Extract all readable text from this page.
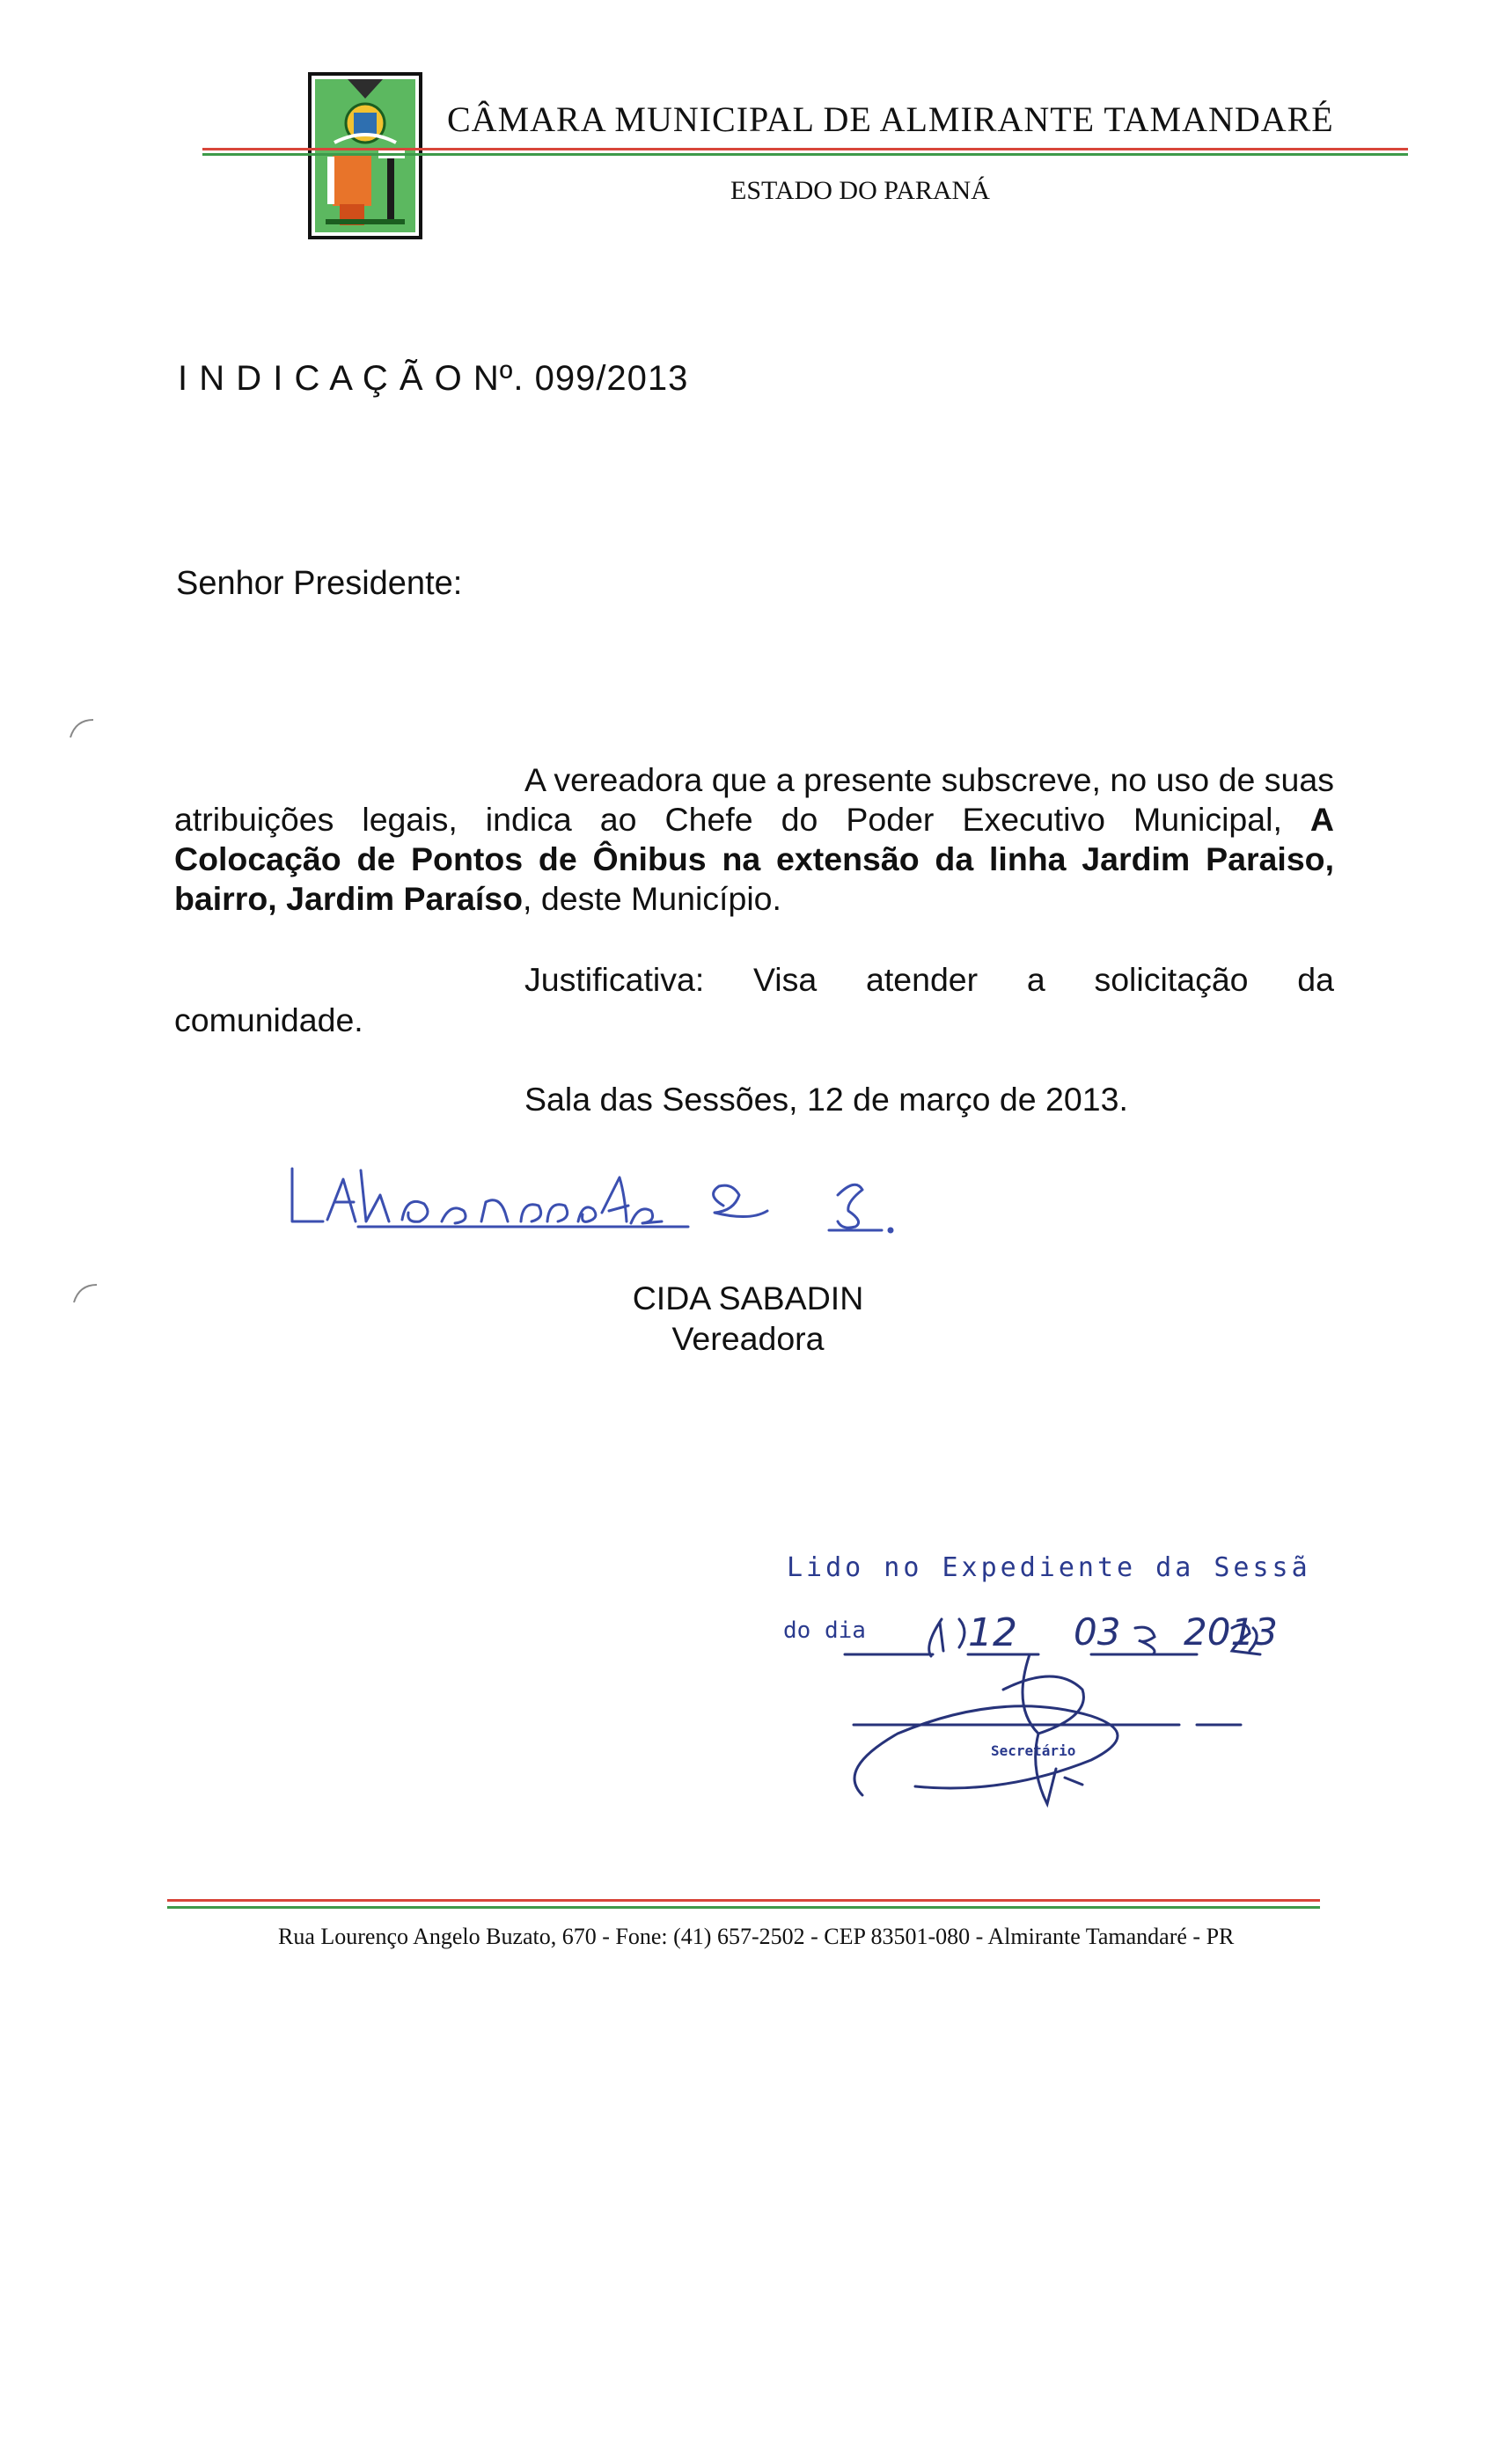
CÂMARA MUNICIPAL DE ALMIRANTE TAMANDARÉ
ESTADO DO PARANÁ
I N D I C A Ç Ã O Nº. 099/2013
Senhor Presidente:
A vereadora que a presente subscreve, no uso de suas atribuições legais, indica ao Chefe do Poder Executivo Municipal, A Colocação de Pontos de Ônibus na extensão da linha Jardim Paraiso, bairro, Jardim Paraíso, deste Município.
Justificativa: Visa atender a solicitação da
comunidade.
Sala das Sessões, 12 de março de 2013.
CIDA SABADIN
Vereadora
Lido no Expediente da Sessã
do dia	12 03 2013
Secretário
Rua Lourenço Angelo Buzato, 670 - Fone: (41) 657-2502 - CEP 83501-080 - Almirante Tamandaré - PR
